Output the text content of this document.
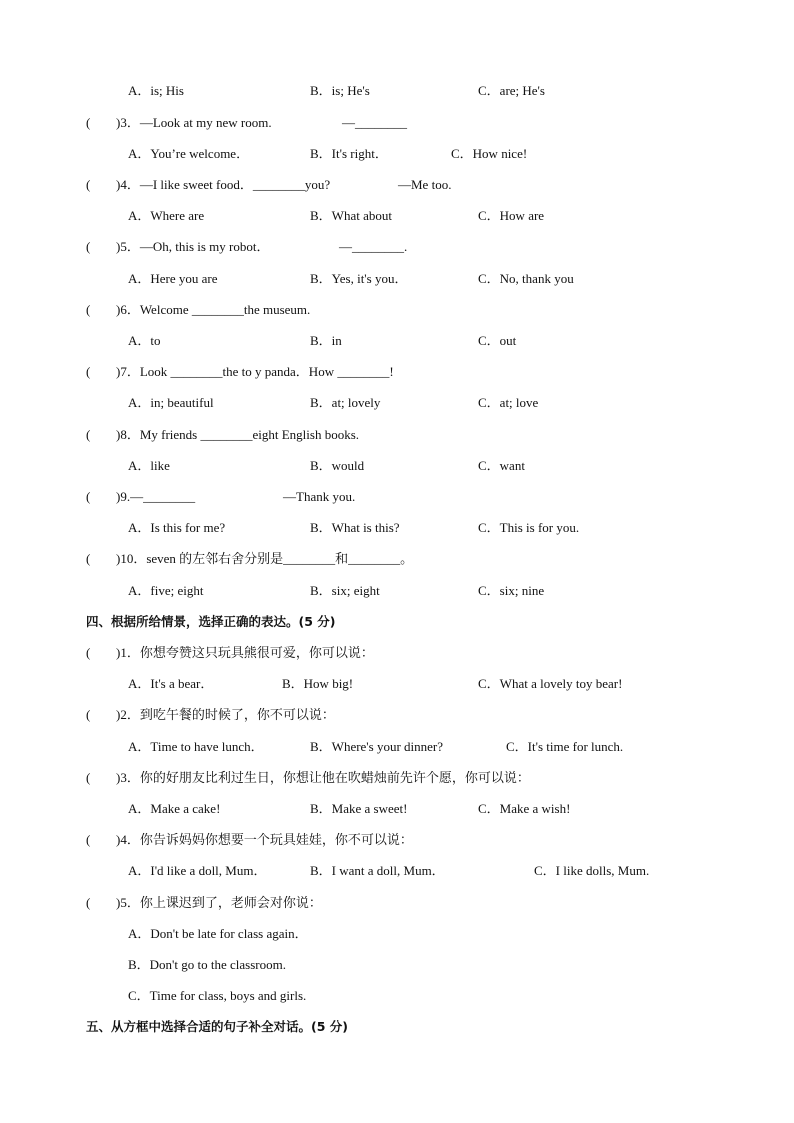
A．is; His	B．is; He's	C．are; He's
( )3．—Look at my new room.	—________
A．You’re welcome．	B．It's right．	C．How nice!
( )4．—I like sweet food．________you?	—Me too.
A．Where are	B．What about	C．How are
( )5．—Oh, this is my robot．	—________.
A．Here you are	B．Yes, it's you．	C．No, thank you
( )6．Welcome ________the museum.
A．to	B．in	C．out
( )7．Look ________the to y panda．How ________!
A．in; beautiful	B．at; lovely	C．at; love
( )8．My friends ________eight English books.
A．like	B．would	C．want
( )9.—________	—Thank you.
A．Is this for me?	B．What is this?	C．This is for you.
( )10．seven 的左邻右舍分别是________和________。
A．five; eight	B．six; eight	C．six; nine
四、根据所给情景，选择正确的表达。(5 分)
( )1．你想夸赞这只玩具熊很可爱，你可以说：
A．It's a bear．	B．How big!	C．What a lovely toy bear!
( )2．到吃午餐的时候了，你不可以说：
A．Time to have lunch．	B．Where's your dinner?	C．It's time for lunch.
( )3．你的好朋友比利过生日，你想让他在吹蜡烛前先许个愿，你可以说：
A．Make a cake!	B．Make a sweet!	C．Make a wish!
( )4．你告诉妈妈你想要一个玩具娃娃，你不可以说：
A．I'd like a doll, Mum．	B．I want a doll, Mum．	C．I like dolls, Mum.
( )5．你上课迟到了，老师会对你说：
A．Don't be late for class again．
B．Don't go to the classroom.
C．Time for class, boys and girls.
五、从方框中选择合适的句子补全对话。(5 分)
